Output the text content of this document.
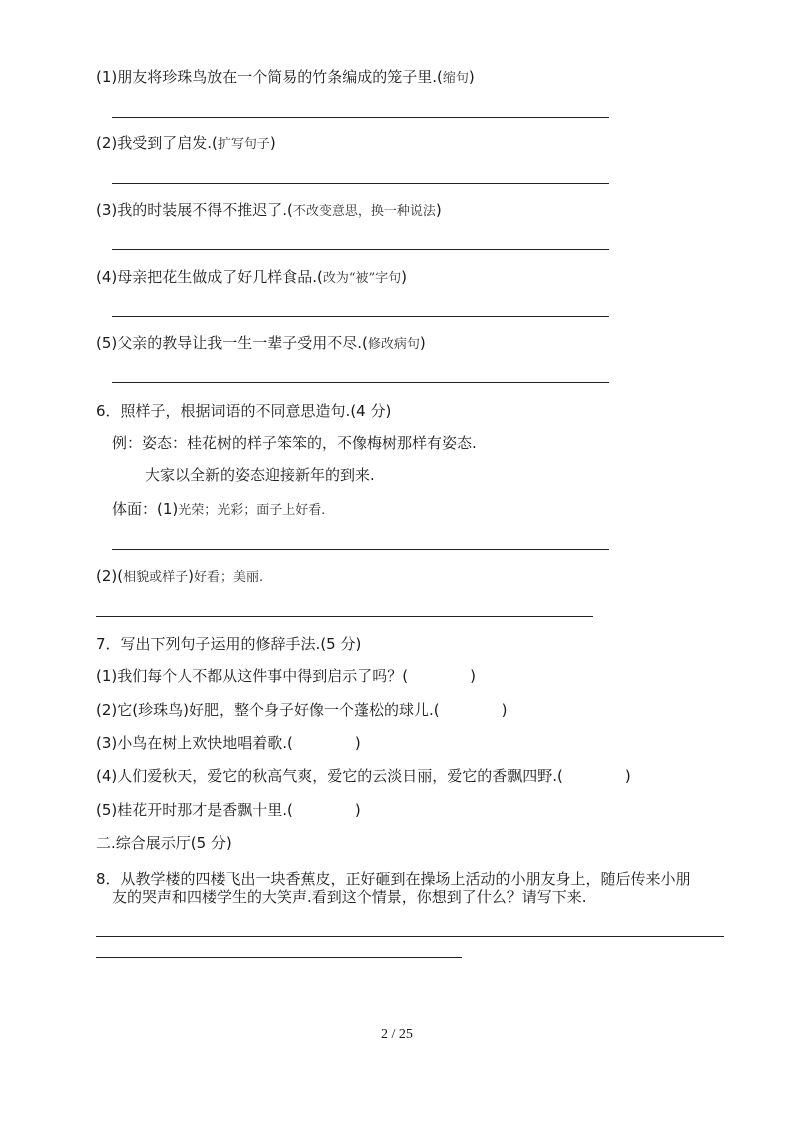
(1)朋友将珍珠鸟放在一个简易的竹条编成的笼子里.(缩句)
(2)我受到了启发.(扩写句子)
(3)我的时装展不得不推迟了.(不改变意思，换一种说法)
(4)母亲把花生做成了好几样食品.(改为“被”字句)
(5)父亲的教导让我一生一辈子受用不尽.(修改病句)
6．照样子，根据词语的不同意思造句.(4 分)
例：姿态：桂花树的样子笨笨的，不像梅树那样有姿态.
大家以全新的姿态迎接新年的到来.
体面：(1)光荣；光彩；面子上好看.
(2)(相貌或样子)好看；美丽.
7．写出下列句子运用的修辞手法.(5 分)
(1)我们每个人不都从这件事中得到启示了吗？(	)
(2)它(珍珠鸟)好肥，整个身子好像一个蓬松的球儿.(	)
(3)小鸟在树上欢快地唱着歌.(	)
(4)人们爱秋天，爱它的秋高气爽，爱它的云淡日丽，爱它的香飘四野.(	)
(5)桂花开时那才是香飘十里.(	)
二.综合展示厅(5 分)
8．从教学楼的四楼飞出一块香蕉皮，正好砸到在操场上活动的小朋友身上，随后传来小朋
友的哭声和四楼学生的大笑声.看到这个情景，你想到了什么？请写下来.
2 / 25
